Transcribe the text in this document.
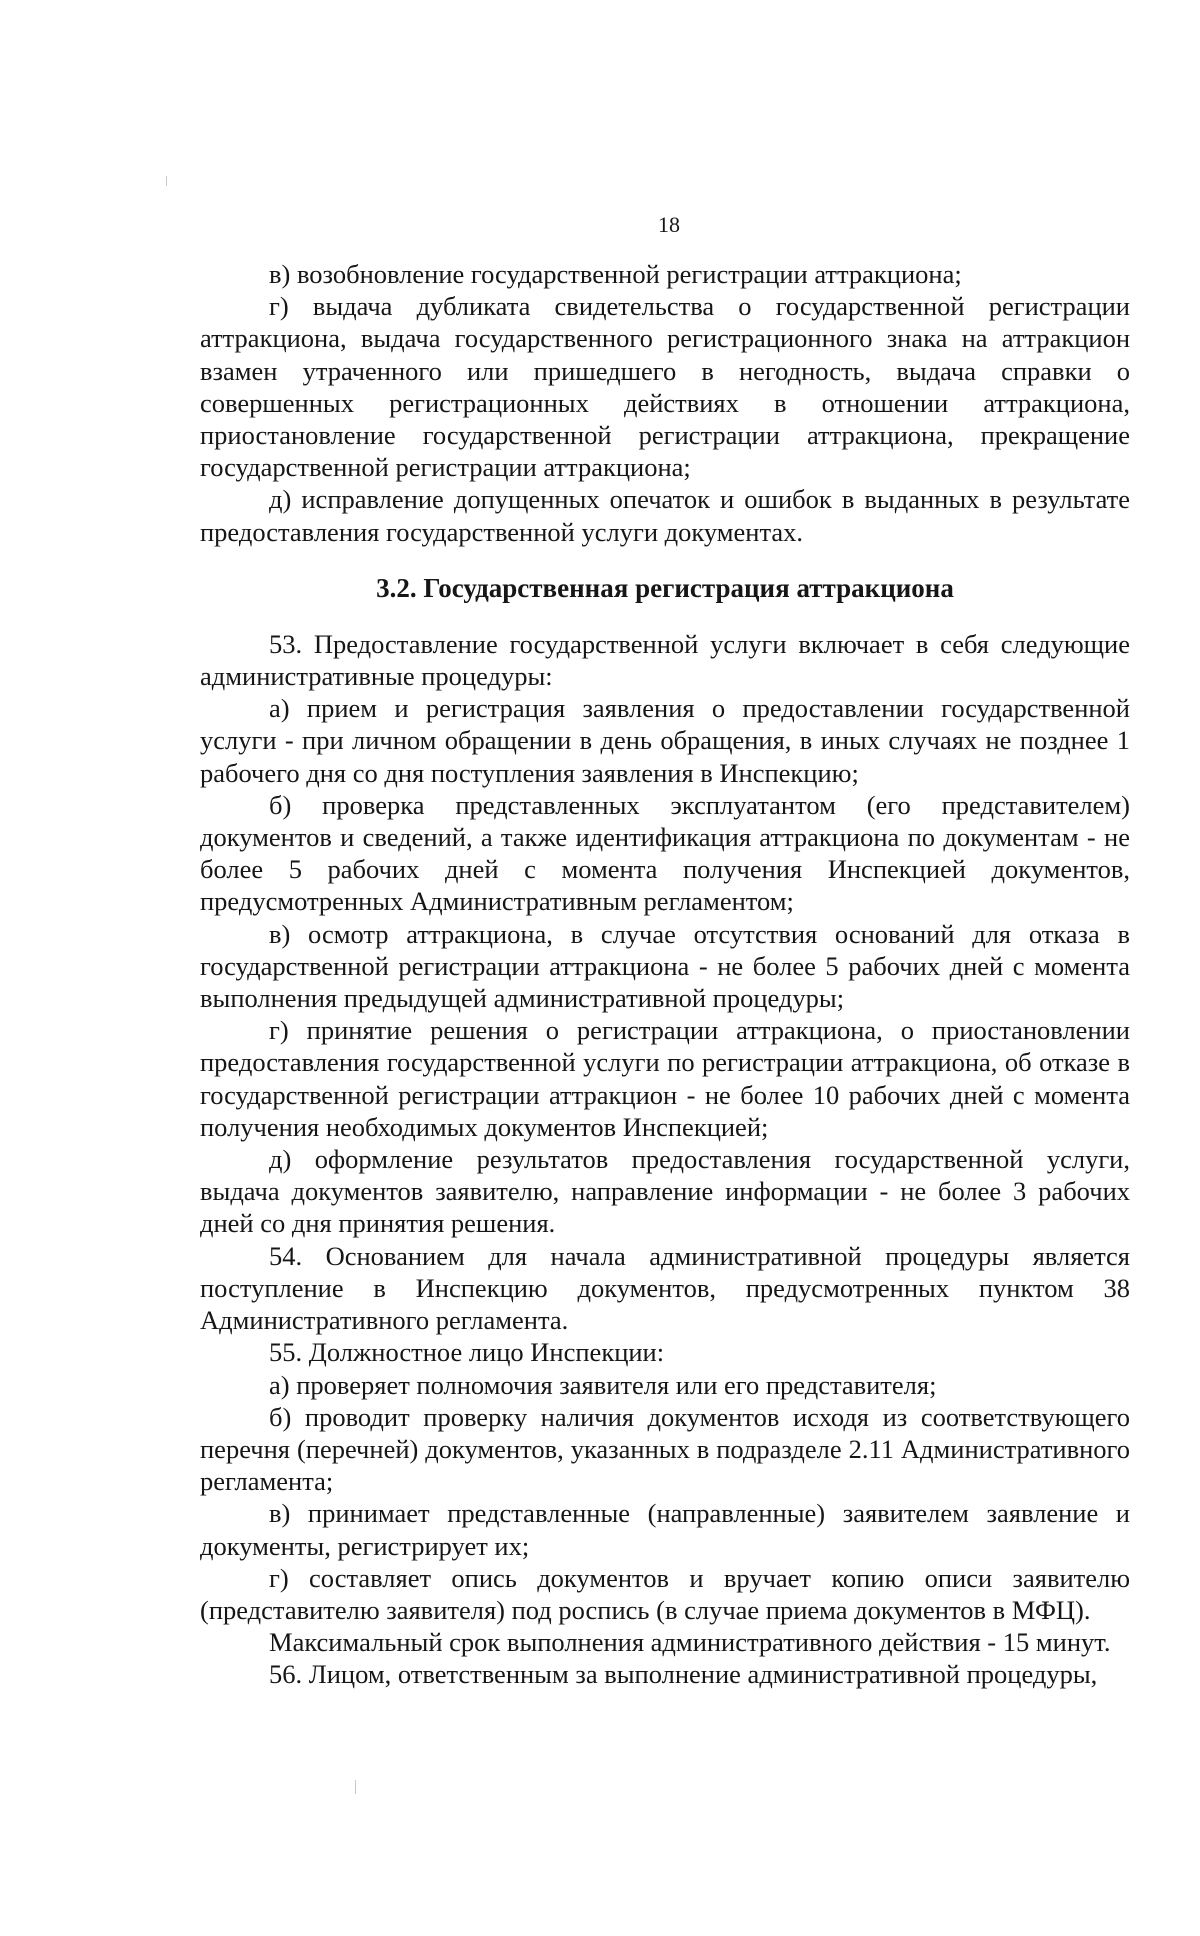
18

в) возобновление государственной регистрации аттракциона;

г) выдача дубликата свидетельства о государственной регистрации аттракциона, выдача государственного регистрационного знака на аттракцион взамен утраченного или пришедшего в негодность, выдача справки о совершенных регистрационных действиях в отношении аттракциона, приостановление государственной регистрации аттракциона, прекращение государственной регистрации аттракциона;

д) исправление допущенных опечаток и ошибок в выданных в результате предоставления государственной услуги документах.

3.2. Государственная регистрация аттракциона

53. Предоставление государственной услуги включает в себя следующие административные процедуры:

а) прием и регистрация заявления о предоставлении государственной услуги - при личном обращении в день обращения, в иных случаях не позднее 1 рабочего дня со дня поступления заявления в Инспекцию;

б) проверка представленных эксплуатантом (его представителем) документов и сведений, а также идентификация аттракциона по документам - не более 5 рабочих дней с момента получения Инспекцией документов, предусмотренных Административным регламентом;

в) осмотр аттракциона, в случае отсутствия оснований для отказа в государственной регистрации аттракциона - не более 5 рабочих дней с момента выполнения предыдущей административной процедуры;

г) принятие решения о регистрации аттракциона, о приостановлении предоставления государственной услуги по регистрации аттракциона, об отказе в государственной регистрации аттракцион - не более 10 рабочих дней с момента получения необходимых документов Инспекцией;

д) оформление результатов предоставления государственной услуги, выдача документов заявителю, направление информации - не более 3 рабочих дней со дня принятия решения.

54. Основанием для начала административной процедуры является поступление в Инспекцию документов, предусмотренных пунктом 38 Административного регламента.

55. Должностное лицо Инспекции:

а) проверяет полномочия заявителя или его представителя;

б) проводит проверку наличия документов исходя из соответствующего перечня (перечней) документов, указанных в подразделе 2.11 Административного регламента;

в) принимает представленные (направленные) заявителем заявление и документы, регистрирует их;

г) составляет опись документов и вручает копию описи заявителю (представителю заявителя) под роспись (в случае приема документов в МФЦ).

Максимальный срок выполнения административного действия - 15 минут.

56. Лицом, ответственным за выполнение административной процедуры,
